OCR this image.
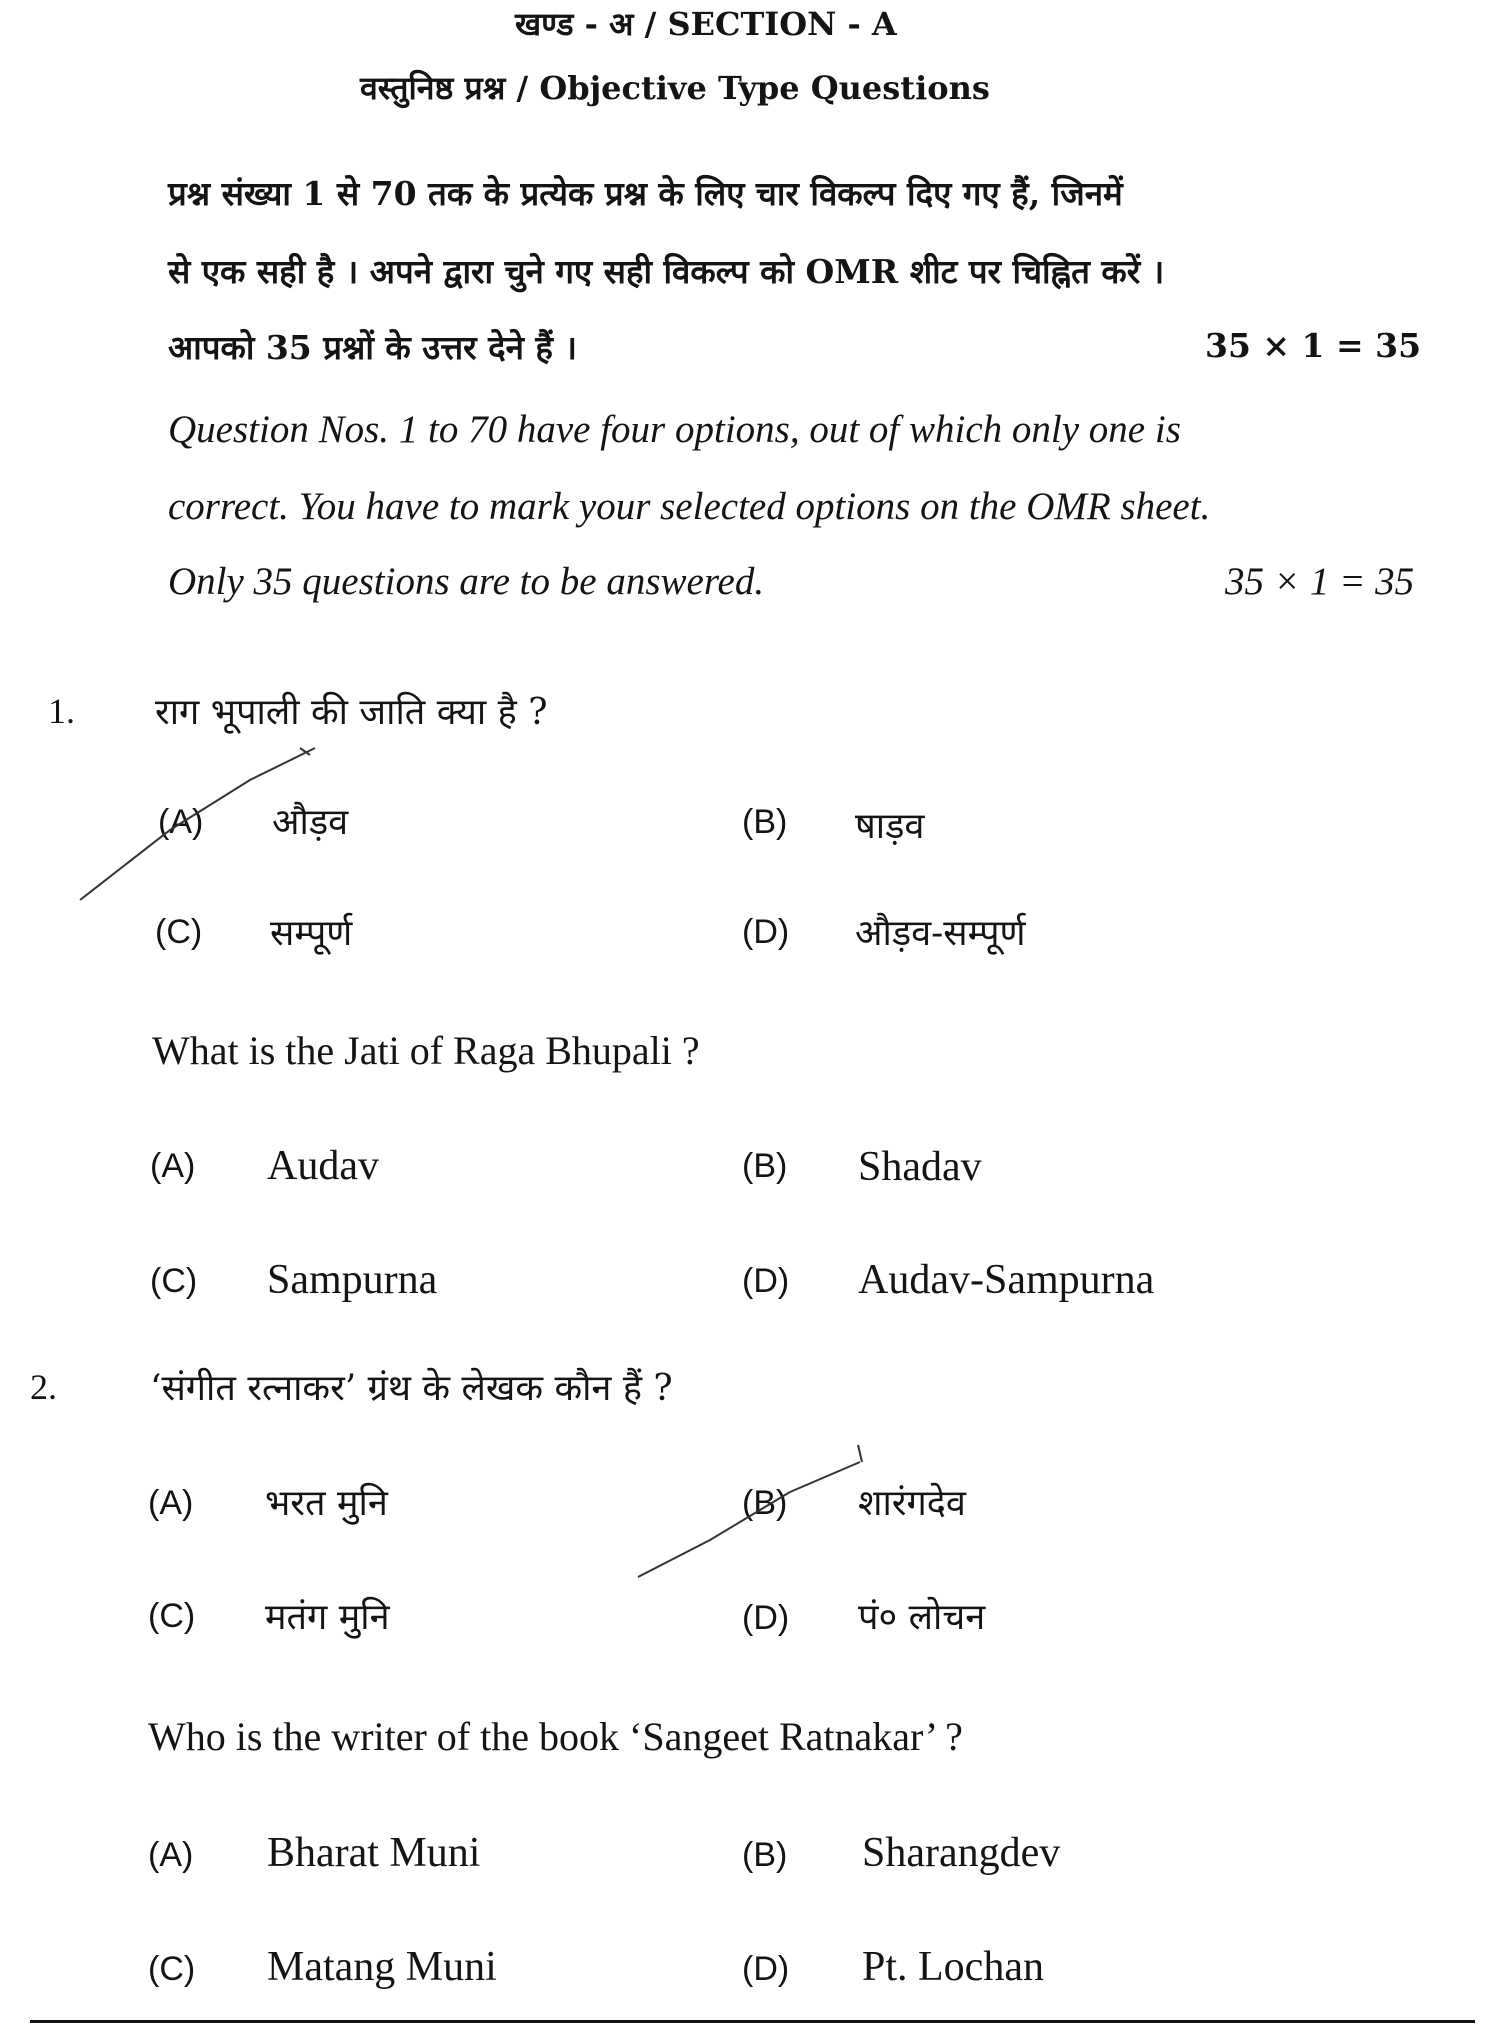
खण्ड - अ / SECTION - A
वस्तुनिष्ठ प्रश्न / Objective Type Questions
प्रश्न संख्या 1 से 70 तक के प्रत्येक प्रश्न के लिए चार विकल्प दिए गए हैं, जिनमें
से एक सही है । अपने द्वारा चुने गए सही विकल्प को OMR शीट पर चिह्नित करें ।
आपको 35 प्रश्नों के उत्तर देने हैं ।	35 × 1 = 35
Question Nos. 1 to 70 have four options, out of which only one is
correct. You have to mark your selected options on the OMR sheet.
Only 35 questions are to be answered.	35 × 1 = 35
1. राग भूपाली की जाति क्या है ?
(A) औड़व	(B) षाड़व
(C) सम्पूर्ण	(D) औड़व-सम्पूर्ण
What is the Jati of Raga Bhupali ?
(A) Audav	(B) Shadav
(C) Sampurna	(D) Audav-Sampurna
2.	‘संगीत रत्नाकर’ ग्रंथ के लेखक कौन हैं ?
(A) भरत मुनि	(B) शारंगदेव
(C) मतंग मुनि	(D) पं० लोचन
Who is the writer of the book ‘Sangeet Ratnakar’ ?
(A) Bharat Muni	(B) Sharangdev
(C) Matang Muni	(D) Pt. Lochan
